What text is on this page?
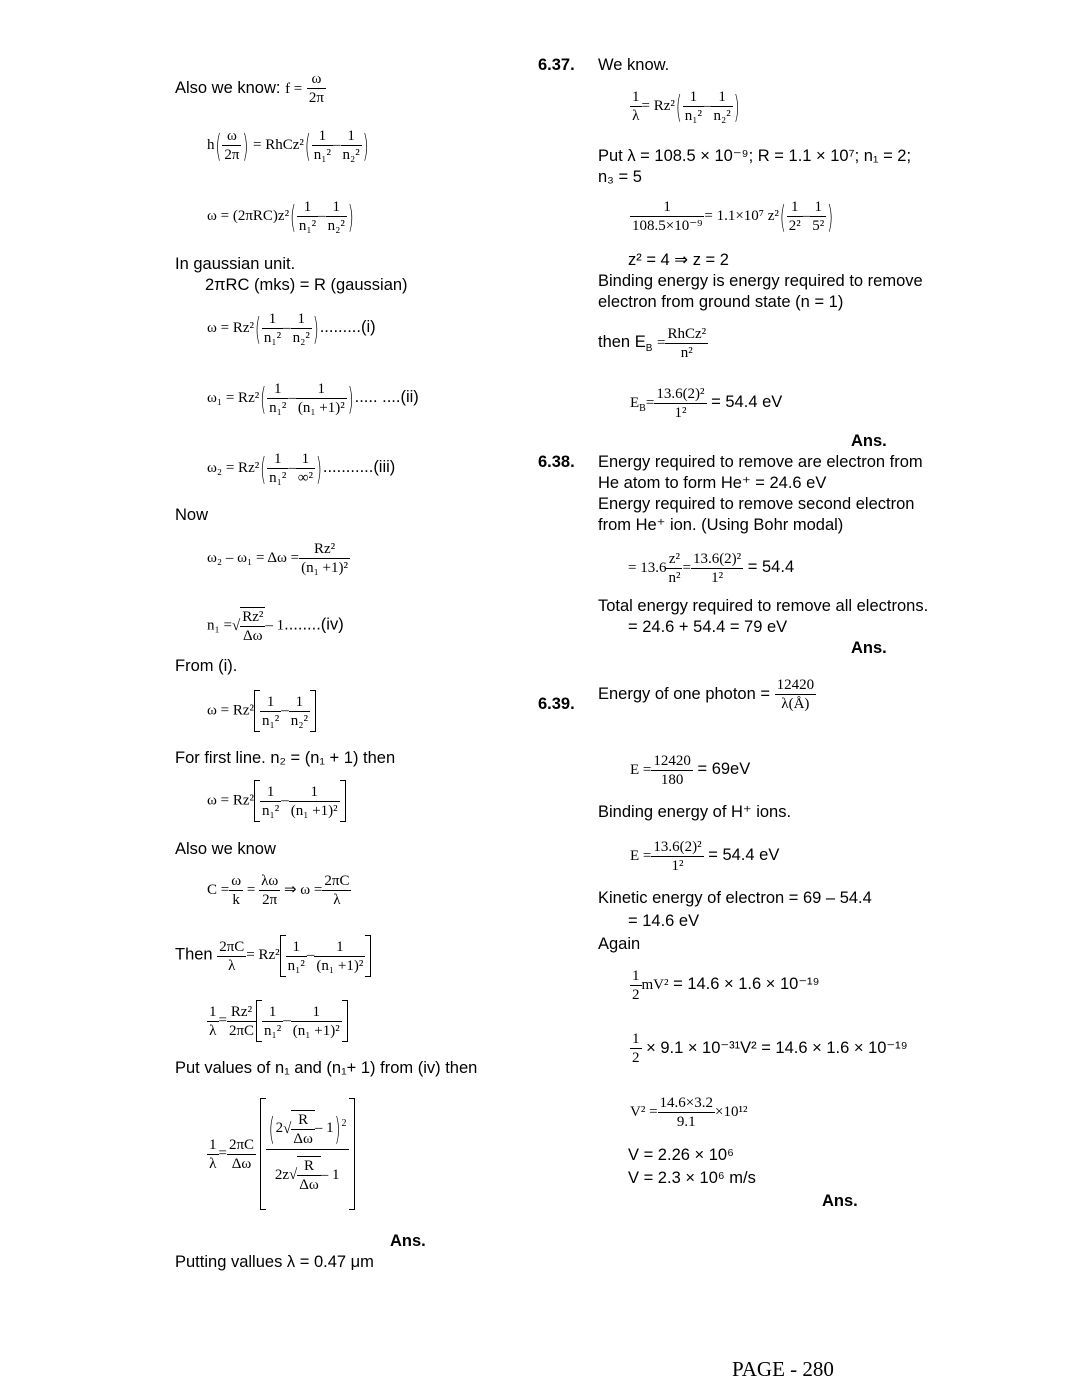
Also we know: $f = \frac{\omega}{2\pi}$
$h( \frac{\omega}{2\pi}$ ) = RhCz²( $\frac{1}{\text{n₁²}} - \frac{1}{\text{n₂²}}$ )
$\omega = (2\pi RC)z^2( \frac{1}{\text{n₁²}} - \frac{1}{\text{n₂²}}$ )
In gaussian unit.
2πRC (mks) = R (gaussian)
$\omega = Rz^2( \frac{1}{\text{n₁²}} - \frac{1}{\text{n₂²}} ).........(i)$
$\omega_1 = Rz^2( \frac{1}{\text{n₁²}} - \frac{1}{\text{(n₁ +1)²}}$ )..... ....(ii)
$\omega_2 = Rz^2( \frac{1}{\text{n₁²}}$ –
1
∞² )...........(iii)
Now
$\omega_2 - \omega_1 = \Delta\omega = \frac{\text{Rz²}}{\text{(n₁ +1)²}}$
n₁ =√ $\frac{\text{Rz²}}{\Delta\omega} - 1........(iv)$
From (i).
$\omega = Rz^2 \frac{1}{\text{n₁²}} - \frac{1}{\text{n₂²}}$
For first line. n₂ = (n₁ + 1) then
$\omega = Rz^2 \frac{1}{\text{n₁²}} - \frac{1}{\text{(n₁ +1)²}}$
Also we know
$C = \frac{\omega}{k} = \frac{\lambda\omega}{2\pi}$ ⇒ $\omega = \frac{2\pi C}{\lambda}$
Then $\frac{2\pi C}{\lambda} = Rz^2 \frac{1}{\text{n₁²}} - \frac{1}{\text{(n₁ +1)²}}$
$\frac{1}{\lambda} = \frac{\text{Rz²}}{2\pi C} \frac{1}{\text{n₁²}} - \frac{1}{\text{(n₁ +1)²}}$
Put values of n₁ and (n₁+ 1) from (iv) then
$\frac{1}{\lambda} = \frac{2\pi C}{\Delta\omega}$

$(2√ \frac{R}{\Delta\omega} - 1)^2$
$2z√ \frac{R}{\Delta\omega} - 1$
Ans.
Putting vallues λ = 0.47 μm
6.37. We know.
$\frac{1}{\lambda} = Rz^2( \frac{1}{\text{n₁²}} - \frac{1}{\text{n₂²}}$ )
Put λ = 108.5 × 10⁻⁹; R = 1.1 × 10⁷; n₁ = 2;
n₃ = 5
$\frac{1}{\text{108.5×10⁻⁹}} = 1.1\times 10^7$ $z^2( \frac{1}{\text{2²}} - \frac{1}{\text{5²}}$ )
z² = 4 ⇒ z = 2
Binding energy is energy required to remove
electron from ground state (n = 1)
then $E_B$ =
RhCz²
n²
$E_B= \frac{\text{13.6(2)²}}{\text{1²}} = 54.4$ eV
Ans.
6.38. Energy required to remove are electron from
He atom to form He⁺ = 24.6 eV
Energy required to remove second electron
from He⁺ ion. (Using Bohr modal)
= $13.6 \frac{\text{z²}}{\text{n²}} = \frac{\text{13.6(2)²}}{\text{1²}} = 54.4$
Total energy required to remove all electrons.
= 24.6 + 54.4 = 79 eV
Ans.
6.39.
Energy of one photon = $\frac{12420}{\lambda(Å)}$
$E = \frac{12420}{180} = 69eV$
Binding energy of H⁺ ions.
$E = \frac{\text{13.6(2)²}}{\text{1²}} = 54.4$ eV
Kinetic energy of electron = 69 – 54.4
= 14.6 eV
Again
$\frac{1}{2} mV^2 = 14.6 \times 1.6 \times 10^{-19}$
$\frac{1}{2} \times 9.1 \times 10^{-31}V^2 = 14.6 \times 1.6 \times 10^{-19}$
$V^2 = \frac{14.6\times 3.2}{9.1} \times 10^{12}$
V = 2.26 × 10⁶
V = 2.3 × 10⁶ m/s
Ans.
PAGE - 280
